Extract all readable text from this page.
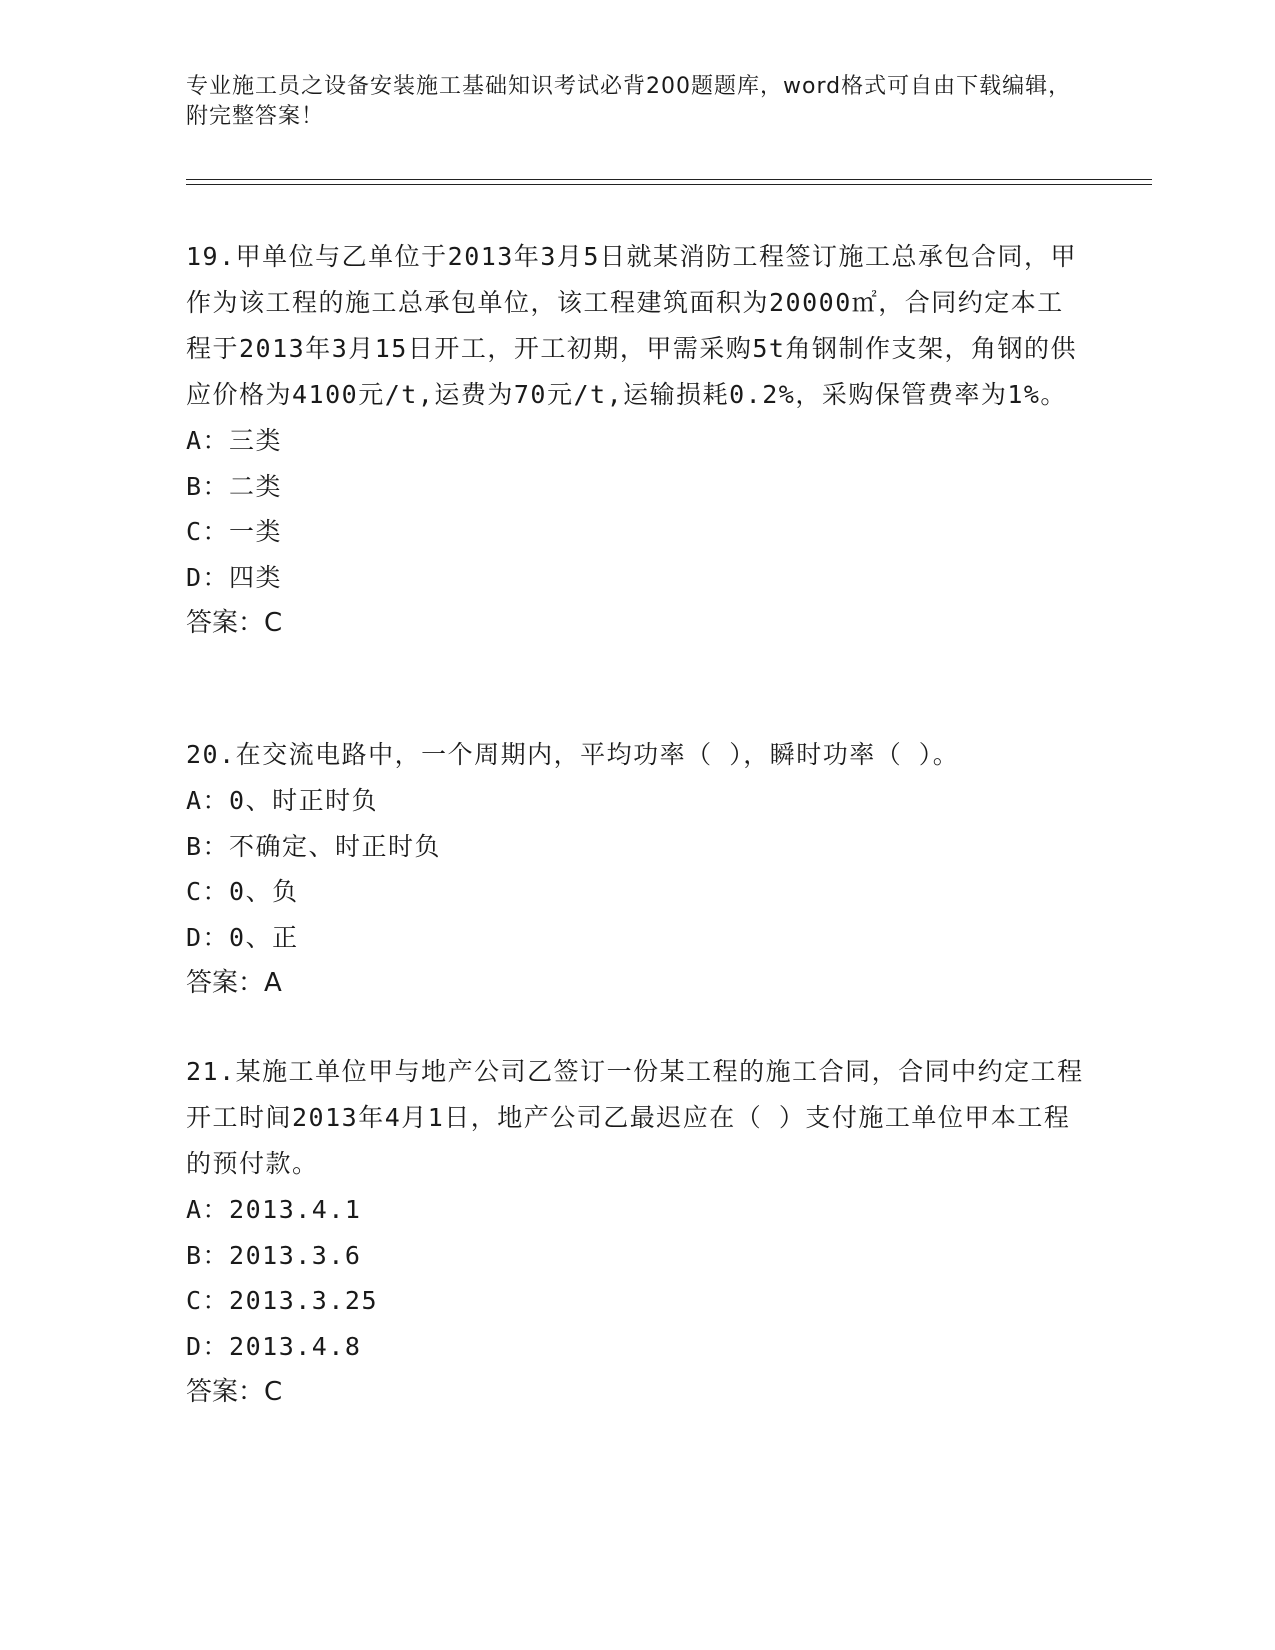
专业施工员之设备安装施工基础知识考试必背200题题库，word格式可自由下载编辑，附完整答案！

19.甲单位与乙单位于2013年3月5日就某消防工程签订施工总承包合同，甲作为该工程的施工总承包单位，该工程建筑面积为20000㎡，合同约定本工程于2013年3月15日开工，开工初期，甲需采购5t角钢制作支架，角钢的供应价格为4100元/t,运费为70元/t,运输损耗0.2%，采购保管费率为1%。

A：三类

B：二类

C：一类

D：四类

答案：C

20.在交流电路中，一个周期内，平均功率（ ），瞬时功率（ ）。

A：0、时正时负

B：不确定、时正时负

C：0、负

D：0、正

答案：A

21.某施工单位甲与地产公司乙签订一份某工程的施工合同，合同中约定工程开工时间2013年4月1日，地产公司乙最迟应在（ ）支付施工单位甲本工程的预付款。

A：2013.4.1

B：2013.3.6

C：2013.3.25

D：2013.4.8

答案：C
